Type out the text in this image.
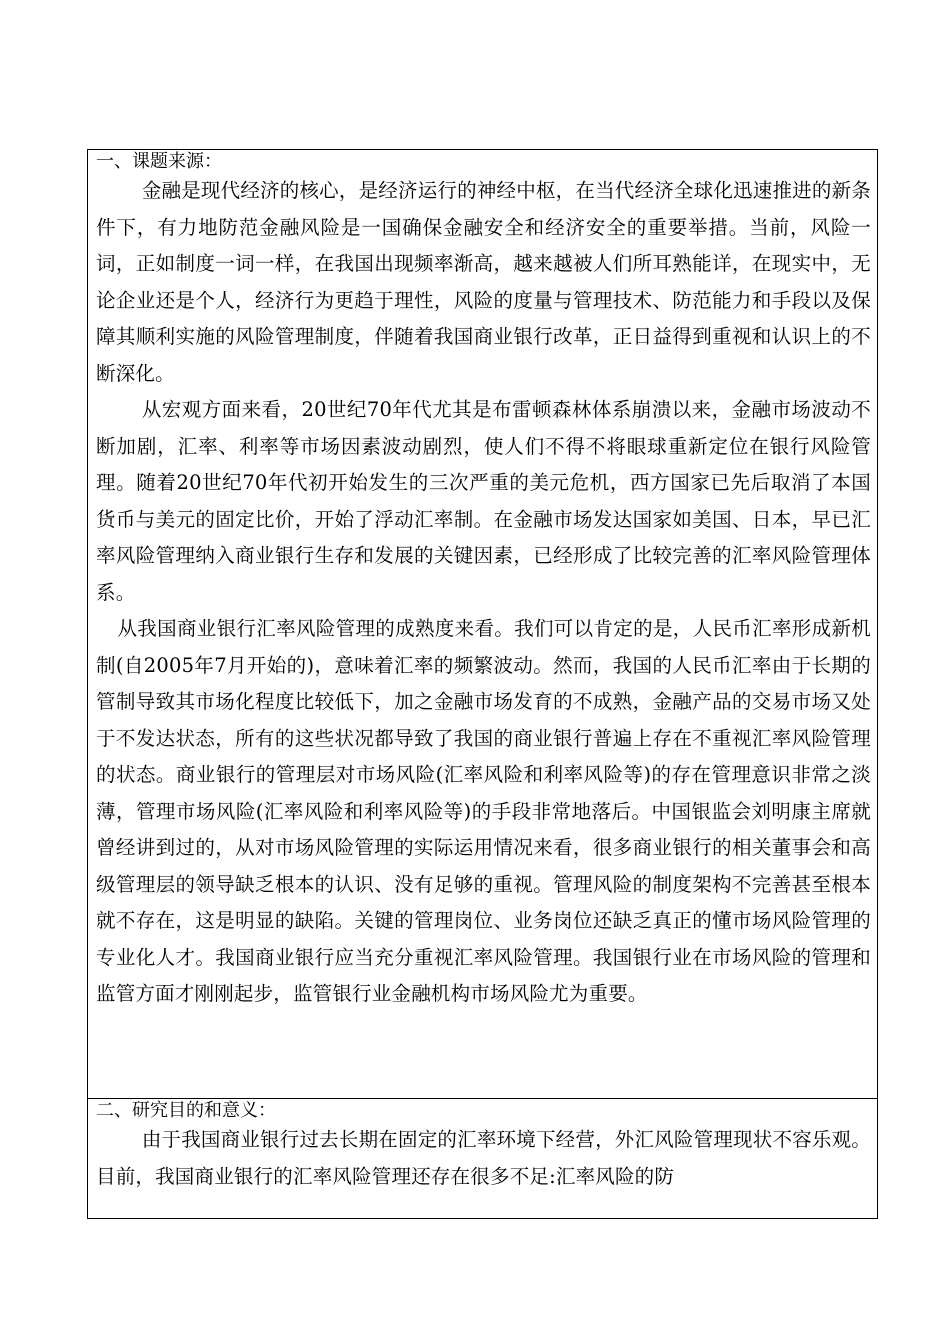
一、课题来源：

金融是现代经济的核心，是经济运行的神经中枢，在当代经济全球化迅速推进的新条件下，有力地防范金融风险是一国确保金融安全和经济安全的重要举措。当前，风险一词，正如制度一词一样，在我国出现频率渐高，越来越被人们所耳熟能详，在现实中，无论企业还是个人，经济行为更趋于理性，风险的度量与管理技术、防范能力和手段以及保障其顺利实施的风险管理制度，伴随着我国商业银行改革，正日益得到重视和认识上的不断深化。

从宏观方面来看，20世纪70年代尤其是布雷顿森林体系崩溃以来，金融市场波动不断加剧，汇率、利率等市场因素波动剧烈，使人们不得不将眼球重新定位在银行风险管理。随着20世纪70年代初开始发生的三次严重的美元危机，西方国家已先后取消了本国货币与美元的固定比价，开始了浮动汇率制。在金融市场发达国家如美国、日本，早已汇率风险管理纳入商业银行生存和发展的关键因素，已经形成了比较完善的汇率风险管理体系。

从我国商业银行汇率风险管理的成熟度来看。我们可以肯定的是，人民币汇率形成新机制(自2005年7月开始的)，意味着汇率的频繁波动。然而，我国的人民币汇率由于长期的管制导致其市场化程度比较低下，加之金融市场发育的不成熟，金融产品的交易市场又处于不发达状态，所有的这些状况都导致了我国的商业银行普遍上存在不重视汇率风险管理的状态。商业银行的管理层对市场风险(汇率风险和利率风险等)的存在管理意识非常之淡薄，管理市场风险(汇率风险和利率风险等)的手段非常地落后。中国银监会刘明康主席就曾经讲到过的，从对市场风险管理的实际运用情况来看，很多商业银行的相关董事会和高级管理层的领导缺乏根本的认识、没有足够的重视。管理风险的制度架构不完善甚至根本就不存在，这是明显的缺陷。关键的管理岗位、业务岗位还缺乏真正的懂市场风险管理的专业化人才。我国商业银行应当充分重视汇率风险管理。我国银行业在市场风险的管理和监管方面才刚刚起步，监管银行业金融机构市场风险尤为重要。

二、研究目的和意义：

由于我国商业银行过去长期在固定的汇率环境下经营，外汇风险管理现状不容乐观。目前，我国商业银行的汇率风险管理还存在很多不足:汇率风险的防
